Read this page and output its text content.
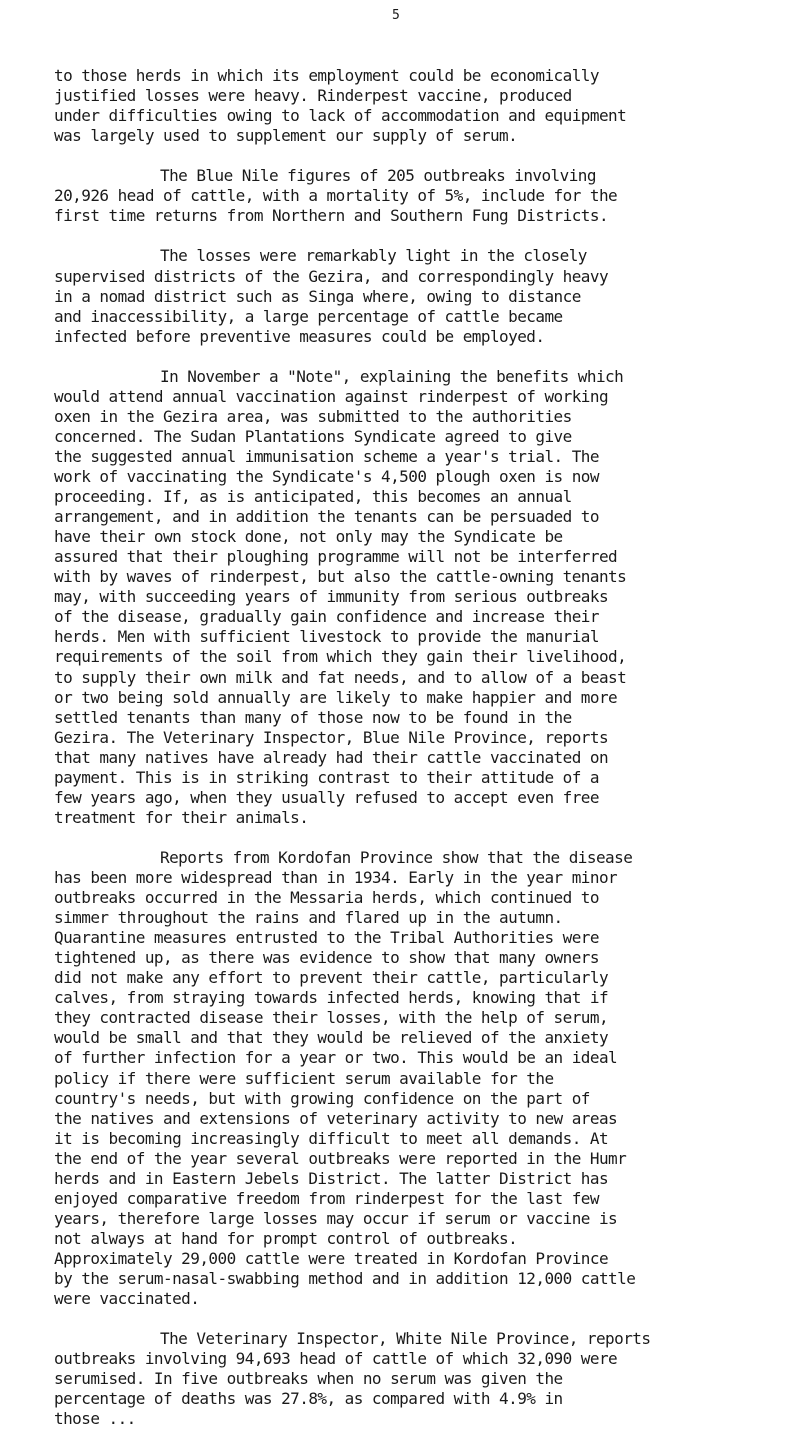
5
to those herds in which its employment could be economically
justified losses were heavy. Rinderpest vaccine, produced
under difficulties owing to lack of accommodation and equipment
was largely used to supplement our supply of serum.
The Blue Nile figures of 205 outbreaks involving
20,926 head of cattle, with a mortality of 5%, include for the
first time returns from Northern and Southern Fung Districts.
The losses were remarkably light in the closely
supervised districts of the Gezira, and correspondingly heavy
in a nomad district such as Singa where, owing to distance
and inaccessibility, a large percentage of cattle became
infected before preventive measures could be employed.
In November a "Note", explaining the benefits which
would attend annual vaccination against rinderpest of working
oxen in the Gezira area, was submitted to the authorities
concerned. The Sudan Plantations Syndicate agreed to give
the suggested annual immunisation scheme a year's trial. The
work of vaccinating the Syndicate's 4,500 plough oxen is now
proceeding. If, as is anticipated, this becomes an annual
arrangement, and in addition the tenants can be persuaded to
have their own stock done, not only may the Syndicate be
assured that their ploughing programme will not be interferred
with by waves of rinderpest, but also the cattle-owning tenants
may, with succeeding years of immunity from serious outbreaks
of the disease, gradually gain confidence and increase their
herds. Men with sufficient livestock to provide the manurial
requirements of the soil from which they gain their livelihood,
to supply their own milk and fat needs, and to allow of a beast
or two being sold annually are likely to make happier and more
settled tenants than many of those now to be found in the
Gezira. The Veterinary Inspector, Blue Nile Province, reports
that many natives have already had their cattle vaccinated on
payment. This is in striking contrast to their attitude of a
few years ago, when they usually refused to accept even free
treatment for their animals.
Reports from Kordofan Province show that the disease
has been more widespread than in 1934. Early in the year minor
outbreaks occurred in the Messaria herds, which continued to
simmer throughout the rains and flared up in the autumn.
Quarantine measures entrusted to the Tribal Authorities were
tightened up, as there was evidence to show that many owners
did not make any effort to prevent their cattle, particularly
calves, from straying towards infected herds, knowing that if
they contracted disease their losses, with the help of serum,
would be small and that they would be relieved of the anxiety
of further infection for a year or two. This would be an ideal
policy if there were sufficient serum available for the
country's needs, but with growing confidence on the part of
the natives and extensions of veterinary activity to new areas
it is becoming increasingly difficult to meet all demands. At
the end of the year several outbreaks were reported in the Humr
herds and in Eastern Jebels District. The latter District has
enjoyed comparative freedom from rinderpest for the last few
years, therefore large losses may occur if serum or vaccine is
not always at hand for prompt control of outbreaks.
Approximately 29,000 cattle were treated in Kordofan Province
by the serum-nasal-swabbing method and in addition 12,000 cattle
were vaccinated.
The Veterinary Inspector, White Nile Province, reports
outbreaks involving 94,693 head of cattle of which 32,090 were
serumised. In five outbreaks when no serum was given the
percentage of deaths was 27.8%, as compared with 4.9% in
those ...
